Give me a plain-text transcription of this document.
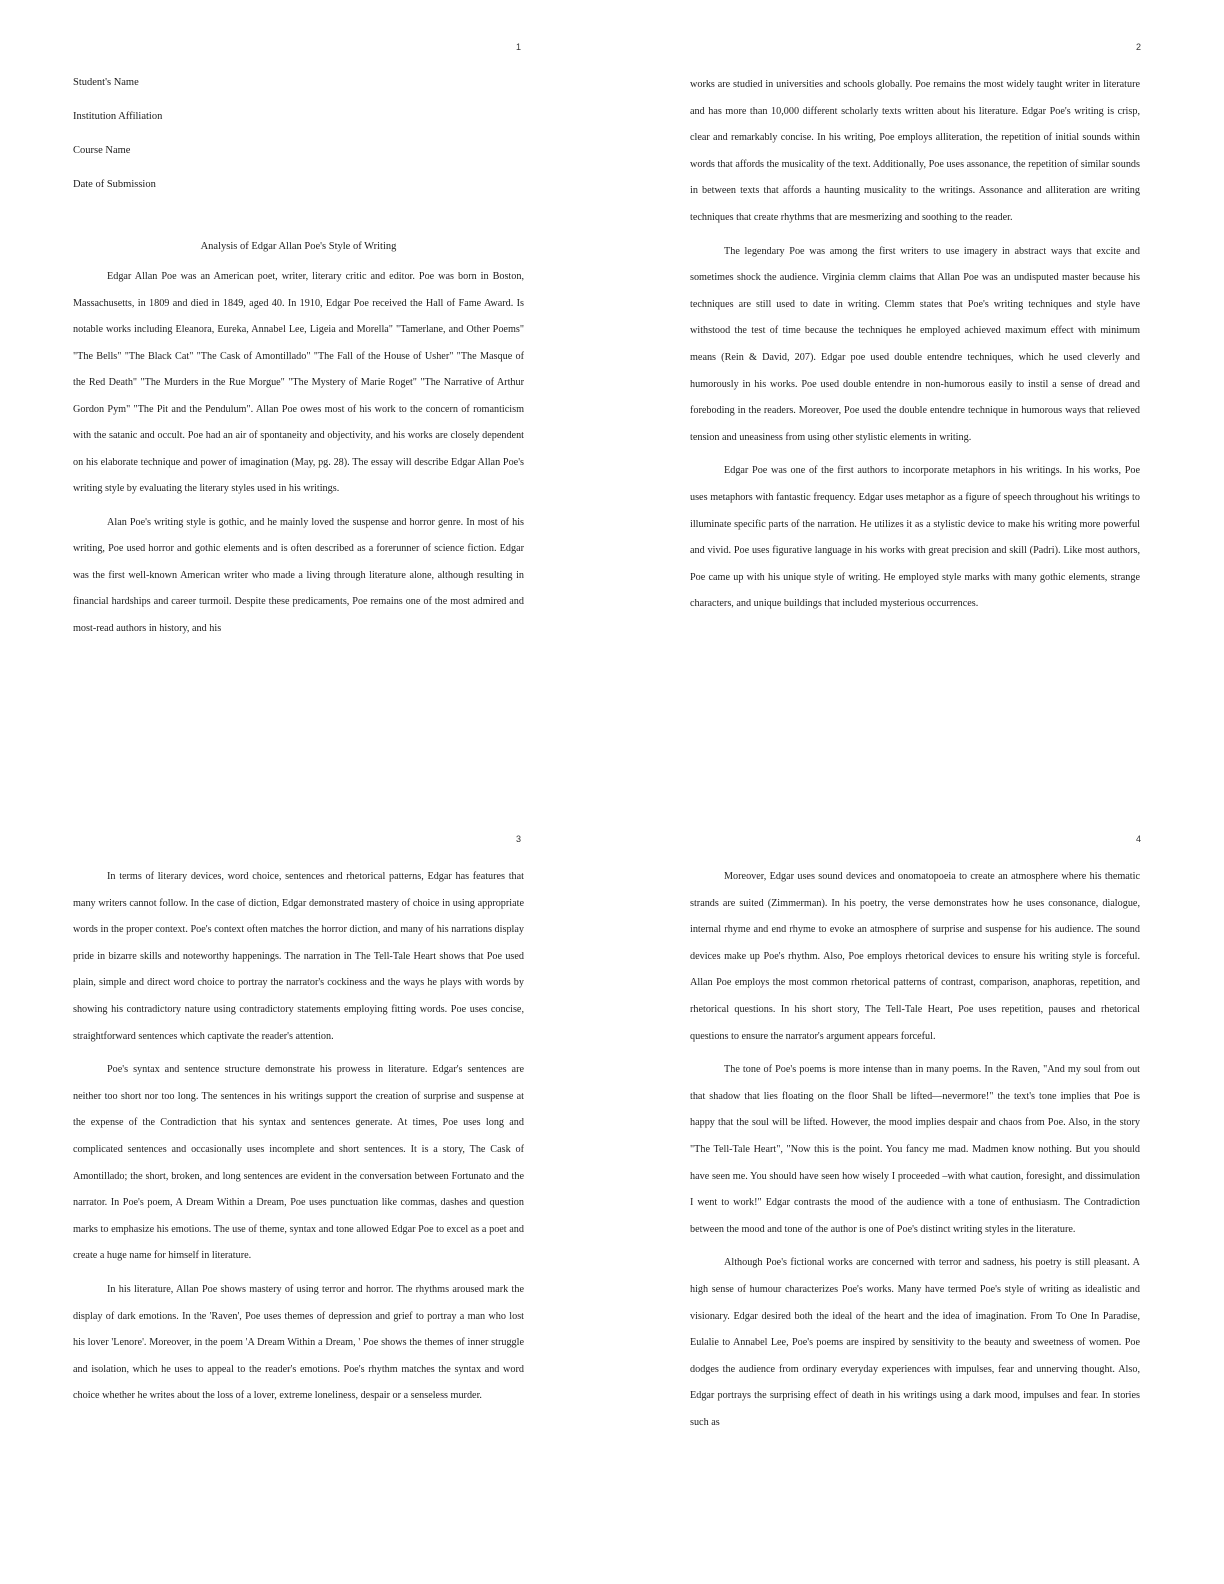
1

Student's Name

Institution Affiliation

Course Name

Date of Submission

Analysis of Edgar Allan Poe's Style of Writing

Edgar Allan Poe was an American poet, writer, literary critic and editor. Poe was born in Boston, Massachusetts, in 1809 and died in 1849, aged 40. In 1910, Edgar Poe received the Hall of Fame Award. Is notable works including Eleanora, Eureka, Annabel Lee, Ligeia and Morella" "Tamerlane, and Other Poems" "The Bells" "The Black Cat" "The Cask of Amontillado" "The Fall of the House of Usher" "The Masque of the Red Death" "The Murders in the Rue Morgue" "The Mystery of Marie Roget" "The Narrative of Arthur Gordon Pym" "The Pit and the Pendulum". Allan Poe owes most of his work to the concern of romanticism with the satanic and occult. Poe had an air of spontaneity and objectivity, and his works are closely dependent on his elaborate technique and power of imagination (May, pg. 28). The essay will describe Edgar Allan Poe's writing style by evaluating the literary styles used in his writings.

Alan Poe's writing style is gothic, and he mainly loved the suspense and horror genre. In most of his writing, Poe used horror and gothic elements and is often described as a forerunner of science fiction. Edgar was the first well-known American writer who made a living through literature alone, although resulting in financial hardships and career turmoil. Despite these predicaments, Poe remains one of the most admired and most-read authors in history, and his

2

works are studied in universities and schools globally. Poe remains the most widely taught writer in literature and has more than 10,000 different scholarly texts written about his literature. Edgar Poe's writing is crisp, clear and remarkably concise. In his writing, Poe employs alliteration, the repetition of initial sounds within words that affords the musicality of the text. Additionally, Poe uses assonance, the repetition of similar sounds in between texts that affords a haunting musicality to the writings. Assonance and alliteration are writing techniques that create rhythms that are mesmerizing and soothing to the reader.

The legendary Poe was among the first writers to use imagery in abstract ways that excite and sometimes shock the audience. Virginia clemm claims that Allan Poe was an undisputed master because his techniques are still used to date in writing. Clemm states that Poe's writing techniques and style have withstood the test of time because the techniques he employed achieved maximum effect with minimum means (Rein & David, 207). Edgar poe used double entendre techniques, which he used cleverly and humorously in his works. Poe used double entendre in non-humorous easily to instil a sense of dread and foreboding in the readers. Moreover, Poe used the double entendre technique in humorous ways that relieved tension and uneasiness from using other stylistic elements in writing.

Edgar Poe was one of the first authors to incorporate metaphors in his writings. In his works, Poe uses metaphors with fantastic frequency. Edgar uses metaphor as a figure of speech throughout his writings to illuminate specific parts of the narration. He utilizes it as a stylistic device to make his writing more powerful and vivid. Poe uses figurative language in his works with great precision and skill (Padri). Like most authors, Poe came up with his unique style of writing. He employed style marks with many gothic elements, strange characters, and unique buildings that included mysterious occurrences.

3

In terms of literary devices, word choice, sentences and rhetorical patterns, Edgar has features that many writers cannot follow. In the case of diction, Edgar demonstrated mastery of choice in using appropriate words in the proper context. Poe's context often matches the horror diction, and many of his narrations display pride in bizarre skills and noteworthy happenings. The narration in The Tell-Tale Heart shows that Poe used plain, simple and direct word choice to portray the narrator's cockiness and the ways he plays with words by showing his contradictory nature using contradictory statements employing fitting words. Poe uses concise, straightforward sentences which captivate the reader's attention.

Poe's syntax and sentence structure demonstrate his prowess in literature. Edgar's sentences are neither too short nor too long. The sentences in his writings support the creation of surprise and suspense at the expense of the Contradiction that his syntax and sentences generate. At times, Poe uses long and complicated sentences and occasionally uses incomplete and short sentences. It is a story, The Cask of Amontillado; the short, broken, and long sentences are evident in the conversation between Fortunato and the narrator. In Poe's poem, A Dream Within a Dream, Poe uses punctuation like commas, dashes and question marks to emphasize his emotions. The use of theme, syntax and tone allowed Edgar Poe to excel as a poet and create a huge name for himself in literature.

In his literature, Allan Poe shows mastery of using terror and horror. The rhythms aroused mark the display of dark emotions. In the 'Raven', Poe uses themes of depression and grief to portray a man who lost his lover 'Lenore'. Moreover, in the poem 'A Dream Within a Dream, ' Poe shows the themes of inner struggle and isolation, which he uses to appeal to the reader's emotions. Poe's rhythm matches the syntax and word choice whether he writes about the loss of a lover, extreme loneliness, despair or a senseless murder.

4

Moreover, Edgar uses sound devices and onomatopoeia to create an atmosphere where his thematic strands are suited (Zimmerman). In his poetry, the verse demonstrates how he uses consonance, dialogue, internal rhyme and end rhyme to evoke an atmosphere of surprise and suspense for his audience. The sound devices make up Poe's rhythm. Also, Poe employs rhetorical devices to ensure his writing style is forceful. Allan Poe employs the most common rhetorical patterns of contrast, comparison, anaphoras, repetition, and rhetorical questions. In his short story, The Tell-Tale Heart, Poe uses repetition, pauses and rhetorical questions to ensure the narrator's argument appears forceful.

The tone of Poe's poems is more intense than in many poems. In the Raven, "And my soul from out that shadow that lies floating on the floor Shall be lifted—nevermore!" the text's tone implies that Poe is happy that the soul will be lifted. However, the mood implies despair and chaos from Poe. Also, in the story "The Tell-Tale Heart", "Now this is the point. You fancy me mad. Madmen know nothing. But you should have seen me. You should have seen how wisely I proceeded –with what caution, foresight, and dissimulation I went to work!" Edgar contrasts the mood of the audience with a tone of enthusiasm. The Contradiction between the mood and tone of the author is one of Poe's distinct writing styles in the literature.

Although Poe's fictional works are concerned with terror and sadness, his poetry is still pleasant. A high sense of humour characterizes Poe's works. Many have termed Poe's style of writing as idealistic and visionary. Edgar desired both the ideal of the heart and the idea of imagination. From To One In Paradise, Eulalie to Annabel Lee, Poe's poems are inspired by sensitivity to the beauty and sweetness of women. Poe dodges the audience from ordinary everyday experiences with impulses, fear and unnerving thought. Also, Edgar portrays the surprising effect of death in his writings using a dark mood, impulses and fear. In stories such as
